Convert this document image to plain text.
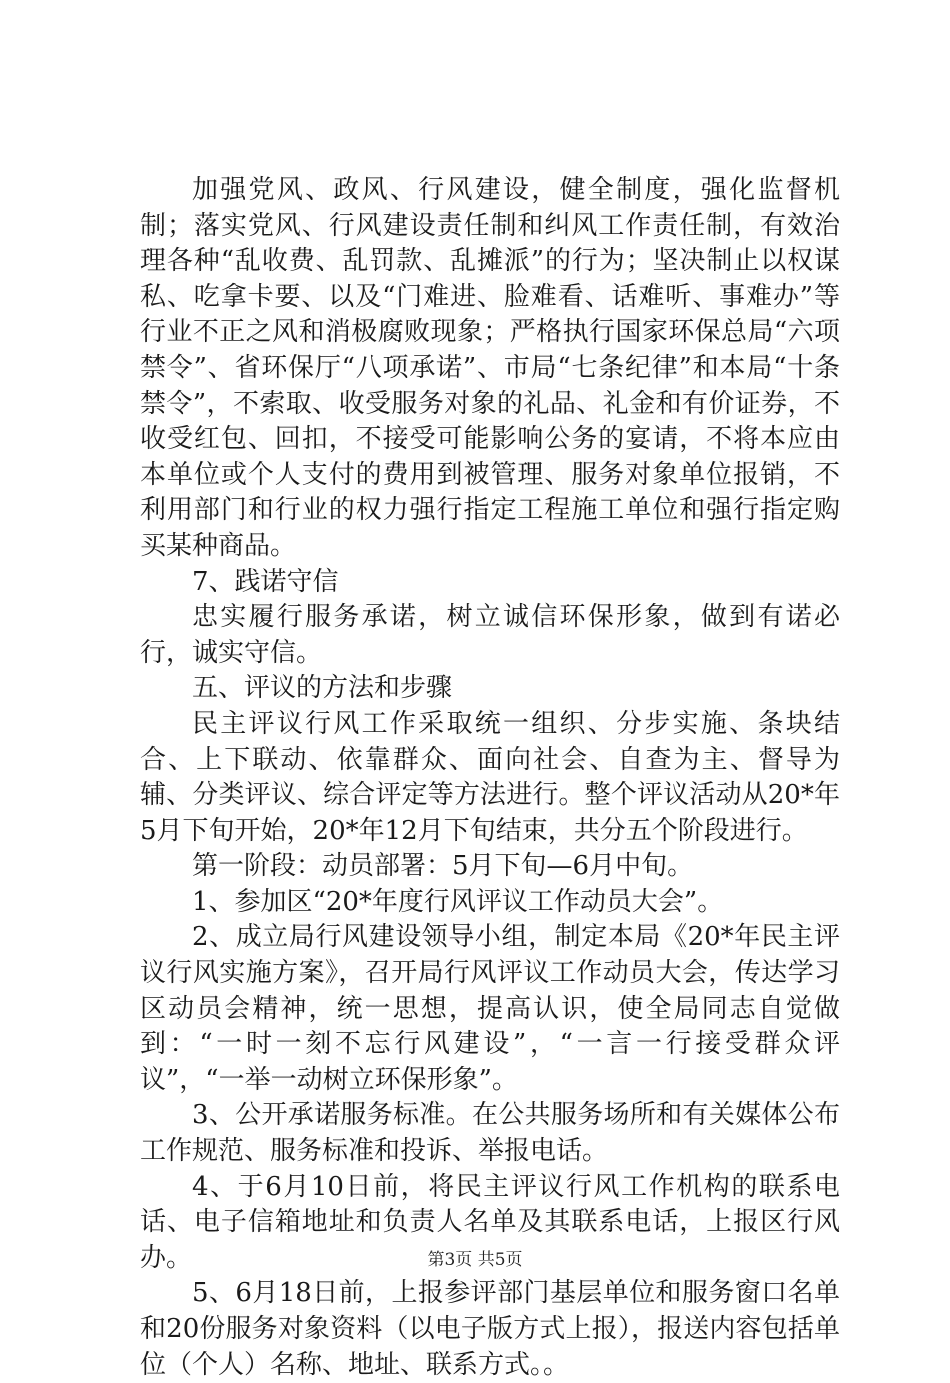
加强党风、政风、行风建设，健全制度，强化监督机制；落实党风、行风建设责任制和纠风工作责任制，有效治理各种“乱收费、乱罚款、乱摊派”的行为；坚决制止以权谋私、吃拿卡要、以及“门难进、脸难看、话难听、事难办”等行业不正之风和消极腐败现象；严格执行国家环保总局“六项禁令”、省环保厅“八项承诺”、市局“七条纪律”和本局“十条禁令”，不索取、收受服务对象的礼品、礼金和有价证券，不收受红包、回扣，不接受可能影响公务的宴请，不将本应由本单位或个人支付的费用到被管理、服务对象单位报销，不利用部门和行业的权力强行指定工程施工单位和强行指定购买某种商品。

7、践诺守信

忠实履行服务承诺，树立诚信环保形象，做到有诺必行，诚实守信。

五、评议的方法和步骤

民主评议行风工作采取统一组织、分步实施、条块结合、上下联动、依靠群众、面向社会、自查为主、督导为辅、分类评议、综合评定等方法进行。整个评议活动从20*年5月下旬开始，20*年12月下旬结束，共分五个阶段进行。

第一阶段：动员部署：5月下旬—6月中旬。

1、参加区“20*年度行风评议工作动员大会”。

2、成立局行风建设领导小组，制定本局《20*年民主评议行风实施方案》，召开局行风评议工作动员大会，传达学习区动员会精神，统一思想，提高认识，使全局同志自觉做到：“一时一刻不忘行风建设”，“一言一行接受群众评议”，“一举一动树立环保形象”。

3、公开承诺服务标准。在公共服务场所和有关媒体公布工作规范、服务标准和投诉、举报电话。

4、于6月10日前，将民主评议行风工作机构的联系电话、电子信箱地址和负责人名单及其联系电话，上报区行风办。

5、6月18日前，上报参评部门基层单位和服务窗口名单和20份服务对象资料（以电子版方式上报），报送内容包括单位（个人）名称、地址、联系方式。。

第3页 共5页
